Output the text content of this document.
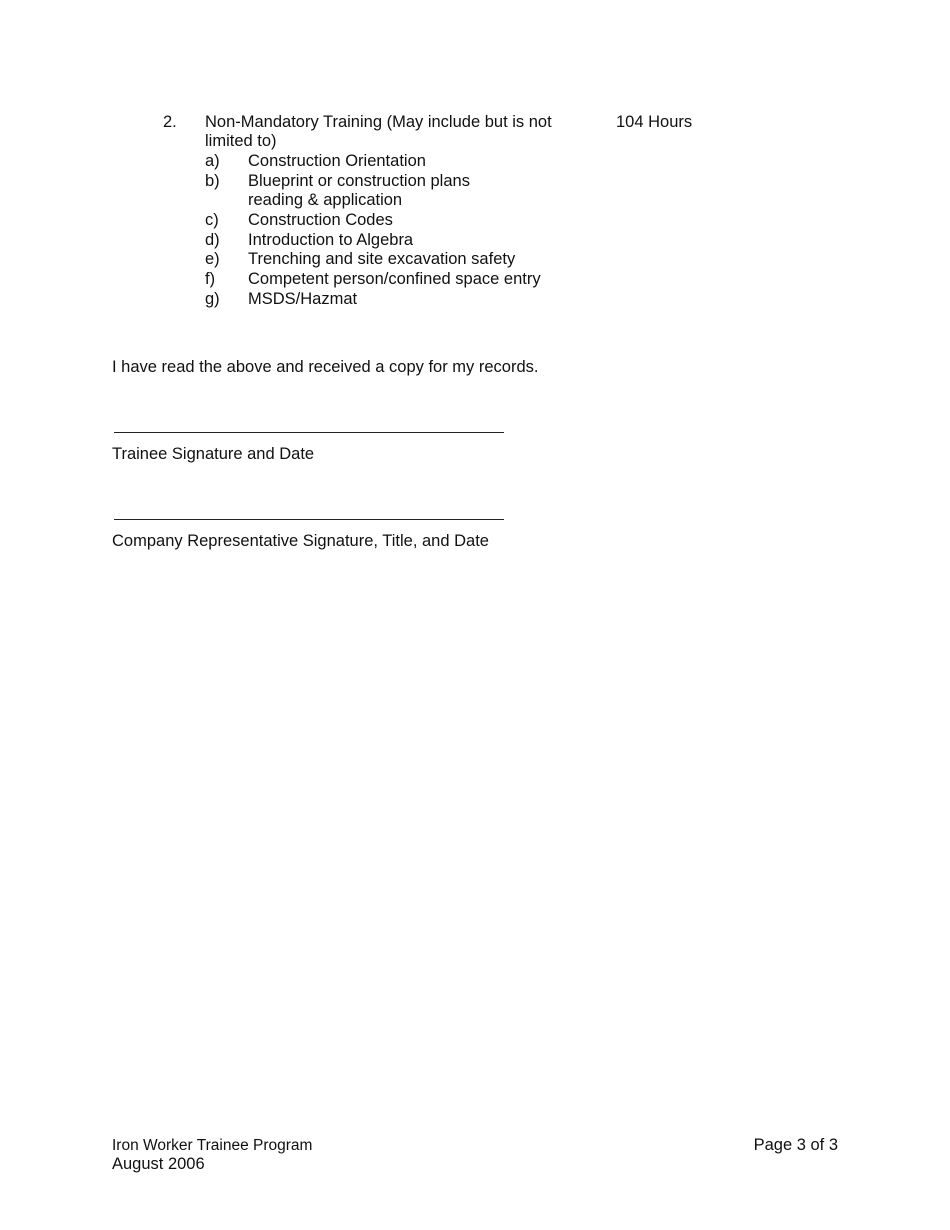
2. Non-Mandatory Training (May include but is not
limited to)
104 Hours
a) Construction Orientation
b) Blueprint or construction plans
reading & application
c) Construction Codes
d) Introduction to Algebra
e) Trenching and site excavation safety
f) Competent person/confined space entry
g) MSDS/Hazmat
I have read the above and received a copy for my records.
Trainee Signature and Date
Company Representative Signature, Title, and Date
Iron Worker Trainee Program
August 2006
Page 3 of 3
